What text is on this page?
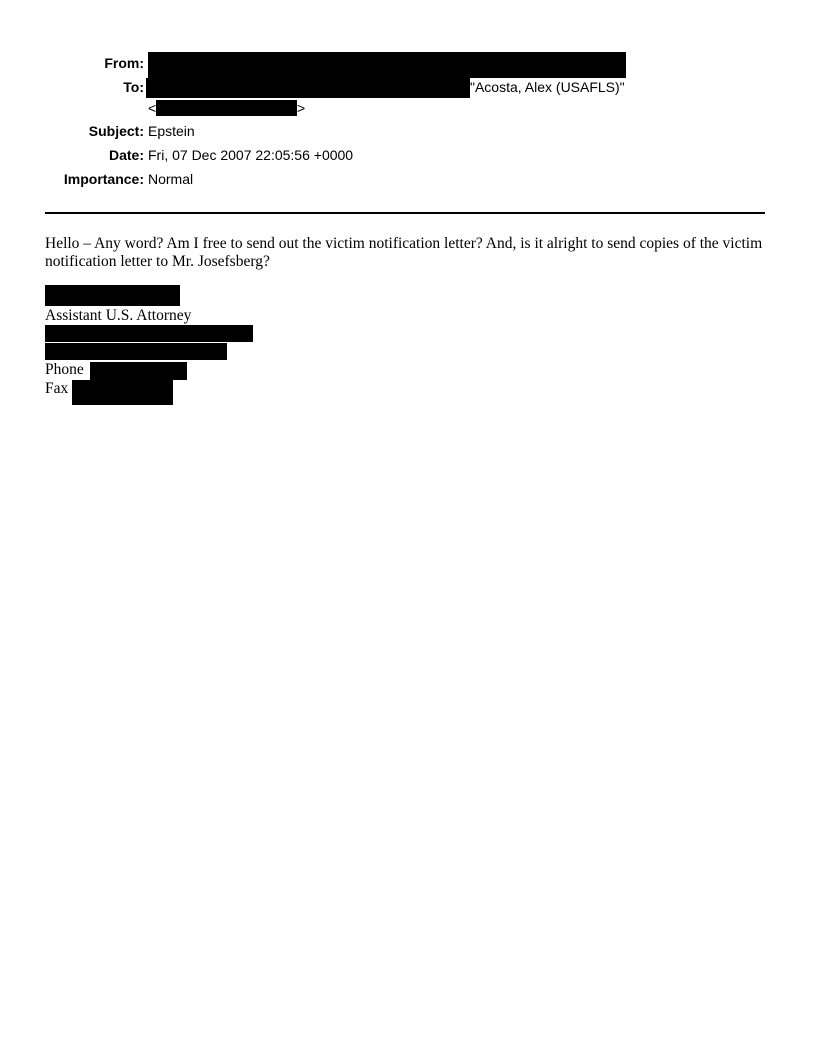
From:
To:	"Acosta, Alex (USAFLS)"
<	>
Subject: Epstein
Date: Fri, 07 Dec 2007 22:05:56 +0000
Importance: Normal
Hello – Any word? Am I free to send out the victim notification letter? And, is it alright to send copies of the victim notification letter to Mr. Josefsberg?
Assistant U.S. Attorney
Phone
Fax
